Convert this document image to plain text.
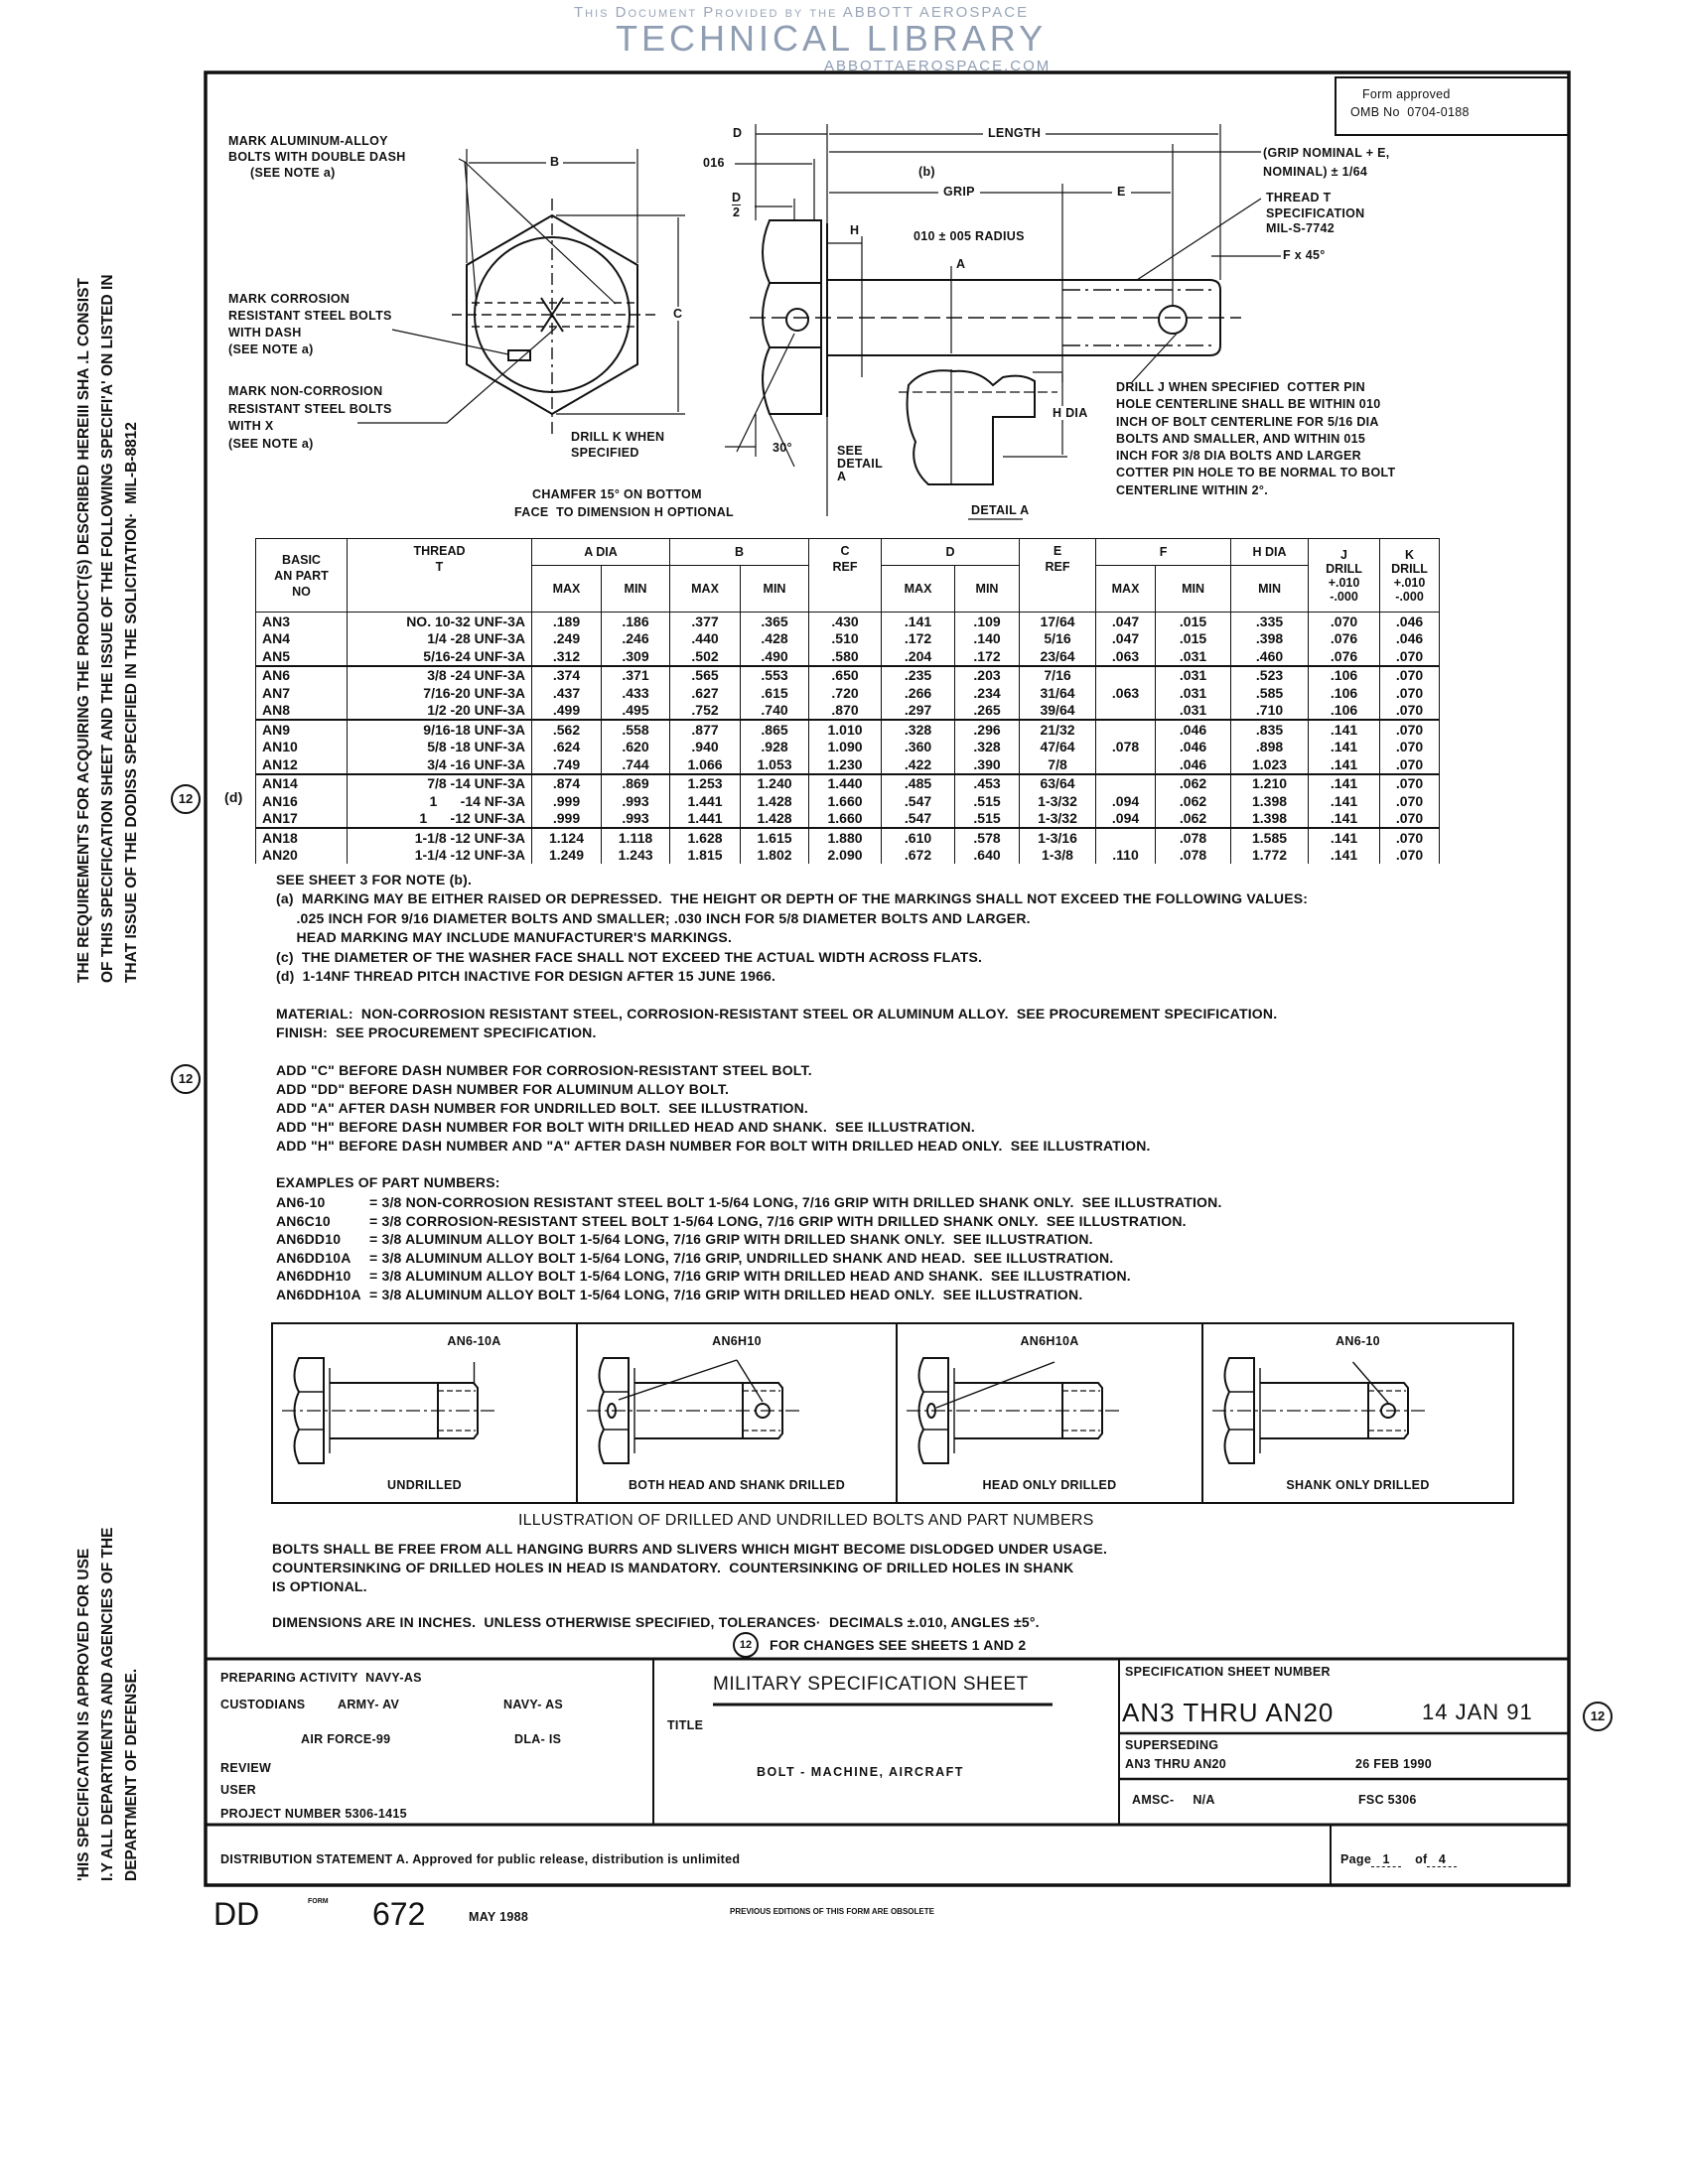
This Document Provided by the ABBOTT AEROSPACE
TECHNICAL LIBRARY
ABBOTTAEROSPACE.COM
THE REQUIREMENTS FOR ACQUIRING THE PRODUCT(S) DESCRIBED HEREIII SHA .L CONSIST OF THIS SPECIFICATION SHEET AND THE ISSUE OF THE FOLLOWING SPECIFI'A' ON LISTED IN THAT ISSUE OF THE DODISS SPECIFIED IN THE SOLICITATION·  MIL-B-8812
'HIS SPECIFICATION IS APPROVED FOR USE I.Y ALL DEPARTMENTS AND AGENCIES OF THE DEPARTMENT OF DEFENSE.
Form approved
OMB No  0704-0188
MARK ALUMINUM-ALLOY
BOLTS WITH DOUBLE DASH
(SEE NOTE a)
MARK CORROSION
RESISTANT STEEL BOLTS
WITH DASH
(SEE NOTE a)
MARK NON-CORROSION
RESISTANT STEEL BOLTS
WITH X
(SEE NOTE a)
B
C
D
016
D
2
LENGTH
(b)
GRIP	E
H	010 ± 005 RADIUS
A
(GRIP NOMINAL + E,
NOMINAL) ± 1/64
THREAD T
SPECIFICATION
MIL-S-7742
F x 45°
DRILL J WHEN SPECIFIED  COTTER PIN
HOLE CENTERLINE SHALL BE WITHIN 010
INCH OF BOLT CENTERLINE FOR 5/16 DIA
BOLTS AND SMALLER, AND WITHIN 015
INCH FOR 3/8 DIA BOLTS AND LARGER
COTTER PIN HOLE TO BE NORMAL TO BOLT
CENTERLINE WITHIN 2°.
H DIA
DRILL K WHEN
SPECIFIED	30°	SEE
DETAIL
A
CHAMFER 15° ON BOTTOM
FACE  TO DIMENSION H OPTIONAL	DETAIL A
BASIC
AN PART
NO	THREAD
T	A DIA		B		C
REF	D		E
REF	F		H DIA	J
DRILL
+.010
-.000	K
DRILL
+.010
-.000
		MAX	MIN	MAX	MIN		MAX	MIN		MAX	MIN	MIN		
AN3	NO. 10-32 UNF-3A	.189	.186	.377	.365	.430	.141	.109	17/64	.047	.015	.335	.070	.046
AN4	1/4 -28 UNF-3A	.249	.246	.440	.428	.510	.172	.140	5/16	.047	.015	.398	.076	.046
AN5	5/16-24 UNF-3A	.312	.309	.502	.490	.580	.204	.172	23/64	.063	.031	.460	.076	.070
AN6	3/8 -24 UNF-3A	.374	.371	.565	.553	.650	.235	.203	7/16		.031	.523	.106	.070
AN7	7/16-20 UNF-3A	.437	.433	.627	.615	.720	.266	.234	31/64	.063	.031	.585	.106	.070
AN8	1/2 -20 UNF-3A	.499	.495	.752	.740	.870	.297	.265	39/64		.031	.710	.106	.070
AN9	9/16-18 UNF-3A	.562	.558	.877	.865	1.010	.328	.296	21/32		.046	.835	.141	.070
AN10	5/8 -18 UNF-3A	.624	.620	.940	.928	1.090	.360	.328	47/64	.078	.046	.898	.141	.070
AN12	3/4 -16 UNF-3A	.749	.744	1.066	1.053	1.230	.422	.390	7/8		.046	1.023	.141	.070
AN14	7/8 -14 UNF-3A	.874	.869	1.253	1.240	1.440	.485	.453	63/64		.062	1.210	.141	.070
AN16	1      -14 NF-3A	.999	.993	1.441	1.428	1.660	.547	.515	1-3/32	.094	.062	1.398	.141	.070
AN17	1      -12 UNF-3A	.999	.993	1.441	1.428	1.660	.547	.515	1-3/32	.094	.062	1.398	.141	.070
AN18	1-1/8 -12 UNF-3A	1.124	1.118	1.628	1.615	1.880	.610	.578	1-3/16		.078	1.585	.141	.070
AN20	1-1/4 -12 UNF-3A	1.249	1.243	1.815	1.802	2.090	.672	.640	1-3/8	.110	.078	1.772	.141	.070
12	(d)
12
SEE SHEET 3 FOR NOTE (b).
(a)  MARKING MAY BE EITHER RAISED OR DEPRESSED.  THE HEIGHT OR DEPTH OF THE MARKINGS SHALL NOT EXCEED THE FOLLOWING VALUES:
.025 INCH FOR 9/16 DIAMETER BOLTS AND SMALLER; .030 INCH FOR 5/8 DIAMETER BOLTS AND LARGER.
HEAD MARKING MAY INCLUDE MANUFACTURER'S MARKINGS.
(c)  THE DIAMETER OF THE WASHER FACE SHALL NOT EXCEED THE ACTUAL WIDTH ACROSS FLATS.
(d)  1-14NF THREAD PITCH INACTIVE FOR DESIGN AFTER 15 JUNE 1966.
MATERIAL:  NON-CORROSION RESISTANT STEEL, CORROSION-RESISTANT STEEL OR ALUMINUM ALLOY.  SEE PROCUREMENT SPECIFICATION.
FINISH:  SEE PROCUREMENT SPECIFICATION.
ADD "C" BEFORE DASH NUMBER FOR CORROSION-RESISTANT STEEL BOLT.
ADD "DD" BEFORE DASH NUMBER FOR ALUMINUM ALLOY BOLT.
ADD "A" AFTER DASH NUMBER FOR UNDRILLED BOLT.  SEE ILLUSTRATION.
ADD "H" BEFORE DASH NUMBER FOR BOLT WITH DRILLED HEAD AND SHANK.  SEE ILLUSTRATION.
ADD "H" BEFORE DASH NUMBER AND "A" AFTER DASH NUMBER FOR BOLT WITH DRILLED HEAD ONLY.  SEE ILLUSTRATION.
EXAMPLES OF PART NUMBERS:
AN6-10	= 3/8 NON-CORROSION RESISTANT STEEL BOLT 1-5/64 LONG, 7/16 GRIP WITH DRILLED SHANK ONLY.  SEE ILLUSTRATION.
AN6C10	= 3/8 CORROSION-RESISTANT STEEL BOLT 1-5/64 LONG, 7/16 GRIP WITH DRILLED SHANK ONLY.  SEE ILLUSTRATION.
AN6DD10 = 3/8 ALUMINUM ALLOY BOLT 1-5/64 LONG, 7/16 GRIP WITH DRILLED SHANK ONLY.  SEE ILLUSTRATION.
AN6DD10A = 3/8 ALUMINUM ALLOY BOLT 1-5/64 LONG, 7/16 GRIP, UNDRILLED SHANK AND HEAD.  SEE ILLUSTRATION.
AN6DDH10 = 3/8 ALUMINUM ALLOY BOLT 1-5/64 LONG, 7/16 GRIP WITH DRILLED HEAD AND SHANK.  SEE ILLUSTRATION.
AN6DDH10A = 3/8 ALUMINUM ALLOY BOLT 1-5/64 LONG, 7/16 GRIP WITH DRILLED HEAD ONLY.  SEE ILLUSTRATION.
AN6-10A
UNDRILLED
AN6H10
BOTH HEAD AND SHANK DRILLED
AN6H10A
HEAD ONLY DRILLED
AN6-10
SHANK ONLY DRILLED
ILLUSTRATION OF DRILLED AND UNDRILLED BOLTS AND PART NUMBERS
BOLTS SHALL BE FREE FROM ALL HANGING BURRS AND SLIVERS WHICH MIGHT BECOME DISLODGED UNDER USAGE.
COUNTERSINKING OF DRILLED HOLES IN HEAD IS MANDATORY.  COUNTERSINKING OF DRILLED HOLES IN SHANK
IS OPTIONAL.
DIMENSIONS ARE IN INCHES.  UNLESS OTHERWISE SPECIFIED, TOLERANCES·  DECIMALS ±.010, ANGLES ±5°.
12	FOR CHANGES SEE SHEETS 1 AND 2
PREPARING ACTIVITY  NAVY-AS
CUSTODIANS	ARMY- AV	NAVY- AS
AIR FORCE-99	DLA- IS
REVIEW
USER
PROJECT NUMBER 5306-1415
MILITARY SPECIFICATION SHEET
TITLE
BOLT - MACHINE, AIRCRAFT
SPECIFICATION SHEET NUMBER
AN3 THRU AN20	14 JAN 91	12
SUPERSEDING
AN3 THRU AN20	26 FEB 1990
AMSC-     N/A	FSC 5306
DISTRIBUTION STATEMENT A. Approved for public release, distribution is unlimited	Page 1 of 4
DD	FORM 672	MAY 1988	PREVIOUS EDITIONS OF THIS FORM ARE OBSOLETE
